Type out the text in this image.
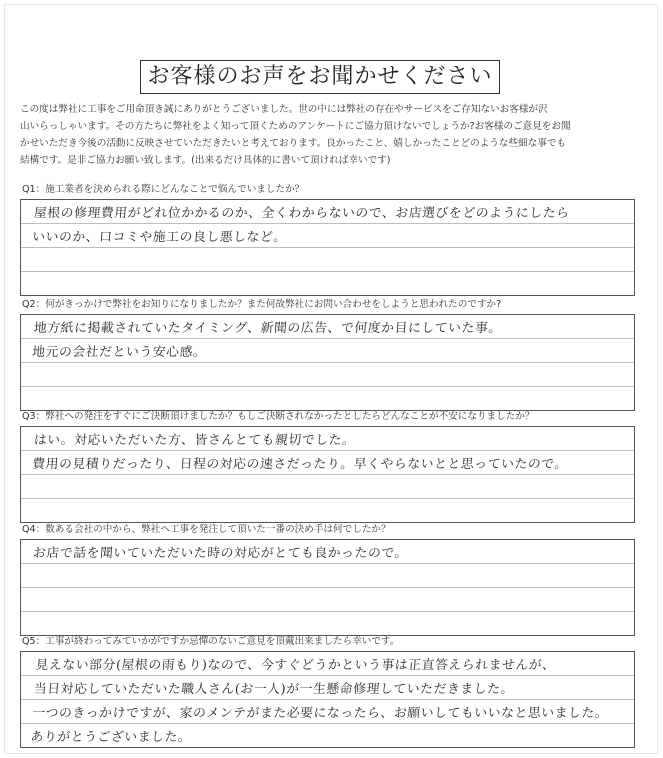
お客様のお声をお聞かせください
この度は弊社に工事をご用命頂き誠にありがとうございました。世の中には弊社の存在やサービスをご存知ないお客様が沢
山いらっしゃいます。その方たちに弊社をよく知って頂くためのアンケートにご協力頂けないでしょうか?お客様のご意見をお聞
かせいただき今後の活動に反映させていただきたいと考えております。良かったこと、嬉しかったことどのような些細な事でも
結構です。是非ご協力お願い致します。(出来るだけ具体的に書いて頂ければ幸いです)
Q1：施工業者を決められる際にどんなことで悩んでいましたか？
屋根の修理費用がどれ位かかるのか、全くわからないので、お店選びをどのようにしたら
いいのか、口コミや施工の良し悪しなど。
Q2：何がきっかけで弊社をお知りになりましたか？また何故弊社にお問い合わせをしようと思われたのですか?
地方紙に掲載されていたタイミング、新聞の広告、で何度か目にしていた事。
地元の会社だという安心感。
Q3：弊社への発注をすぐにご決断頂けましたか？もしご決断されなかったとしたらどんなことが不安になりましたか？
はい。対応いただいた方、皆さんとても親切でした。
費用の見積りだったり、日程の対応の速さだったり。早くやらないとと思っていたので。
Q4：数ある会社の中から、弊社へ工事を発注して頂いた一番の決め手は何でしたか？
お店で話を聞いていただいた時の対応がとても良かったので。
Q5：工事が終わってみていかがですか忌憚のないご意見を頂戴出来ましたら幸いです。
見えない部分(屋根の雨もり)なので、今すぐどうかという事は正直答えられませんが、
当日対応していただいた職人さん(お一人)が一生懸命修理していただきました。
一つのきっかけですが、家のメンテがまた必要になったら、お願いしてもいいなと思いました。
ありがとうございました。
